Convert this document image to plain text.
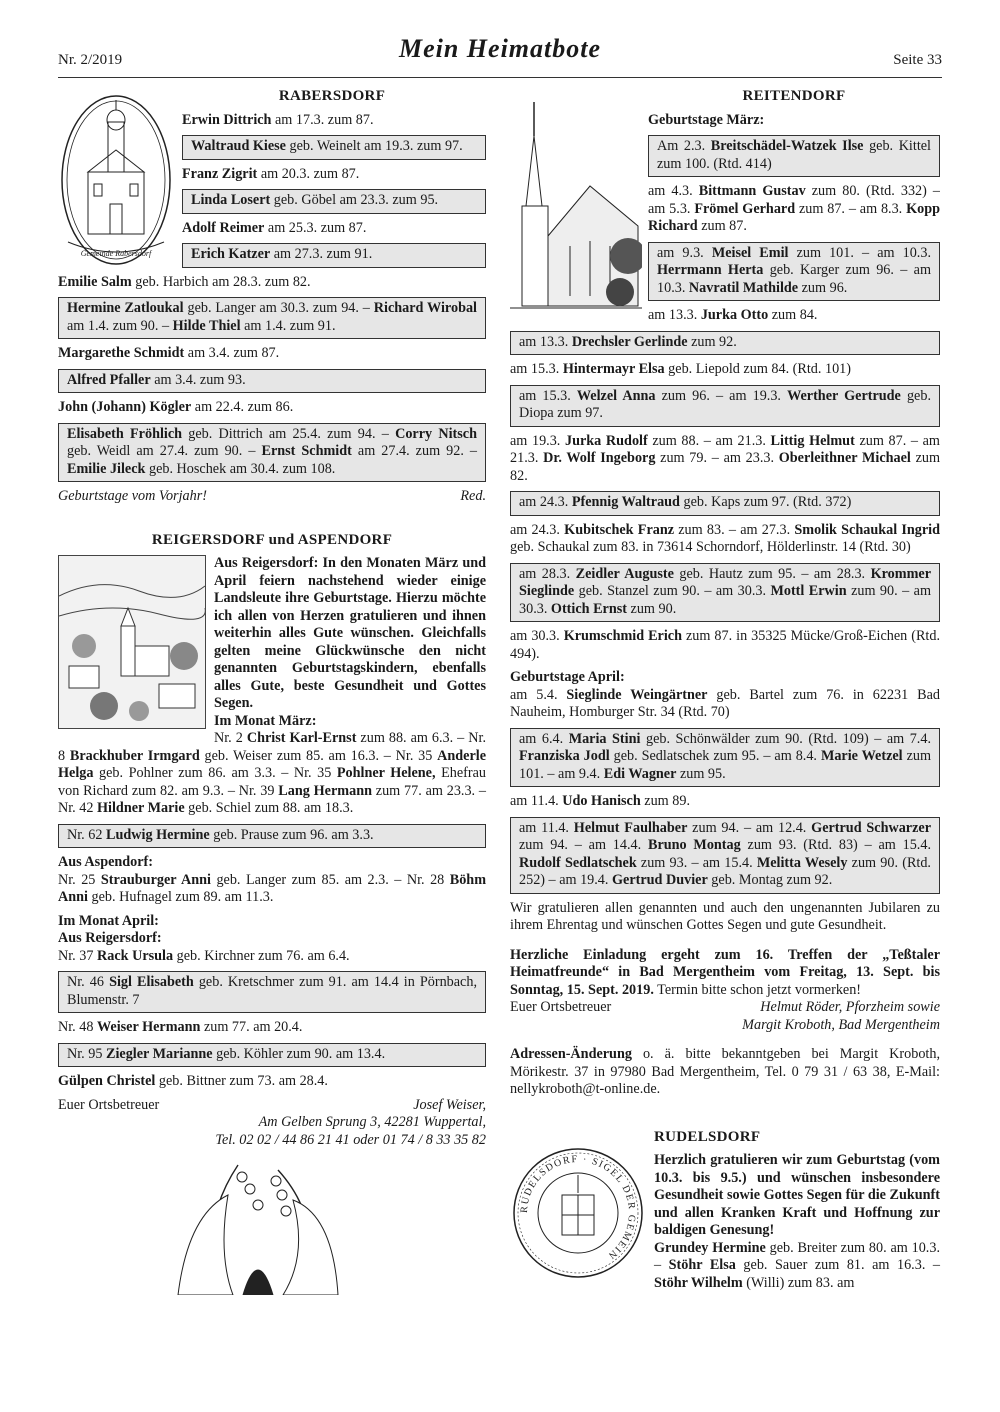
Nr. 2/2019	Mein Heimatbote	Seite 33
RABERSDORF
Gemeinde Rabersdorf

Erwin Dittrich am 17.3. zum 87.

Waltraud Kiese geb. Weinelt am 19.3. zum 97.

Franz Zigrit am 20.3. zum 87.

Linda Losert geb. Göbel am 23.3. zum 95.

Adolf Reimer am 25.3. zum 87.

Erich Katzer am 27.3. zum 91.

Emilie Salm geb. Harbich am 28.3. zum 82.

Hermine Zatloukal geb. Langer am 30.3. zum 94. – Richard Wirobal am 1.4. zum 90. – Hilde Thiel am 1.4. zum 91.

Margarethe Schmidt am 3.4. zum 87.

Alfred Pfaller am 3.4. zum 93.

John (Johann) Kögler am 22.4. zum 86.

Elisabeth Fröhlich geb. Dittrich am 25.4. zum 94. – Corry Nitsch geb. Weidl am 27.4. zum 90. – Ernst Schmidt am 27.4. zum 92. – Emilie Jileck geb. Hoschek am 30.4. zum 108.
Geburtstage vom Vorjahr!	Red.
REIGERSDORF und ASPENDORF

Aus Reigersdorf: In den Monaten März und April feiern nachstehend wieder einige Landsleute ihre Geburtstage. Hierzu möchte ich allen von Herzen gratulieren und ihnen weiterhin alles Gute wünschen. Gleichfalls gelten meine Glückwünsche den nicht genannten Geburtstagskindern, ebenfalls alles Gute, beste Gesundheit und Gottes Segen.

Im Monat März:

Nr. 2 Christ Karl-Ernst zum 88. am 6.3. – Nr. 8 Brackhuber Irmgard geb. Weiser zum 85. am 16.3. – Nr. 35 Anderle Helga geb. Pohlner zum 86. am 3.3. – Nr. 35 Pohlner Helene, Ehefrau von Richard zum 82. am 9.3. – Nr. 39 Lang Hermann zum 77. am 23.3. – Nr. 42 Hildner Marie geb. Schiel zum 88. am 18.3.

Nr. 62 Ludwig Hermine geb. Prause zum 96. am 3.3.

Aus Aspendorf:

Nr. 25 Strauburger Anni geb. Langer zum 85. am 2.3. – Nr. 28 Böhm Anni geb. Hufnagel zum 89. am 11.3.

Im Monat April:

Aus Reigersdorf:

Nr. 37 Rack Ursula geb. Kirchner zum 76. am 6.4.

Nr. 46 Sigl Elisabeth geb. Kretschmer zum 91. am 14.4 in Pörnbach, Blumenstr. 7

Nr. 48 Weiser Hermann zum 77. am 20.4.

Nr. 95 Ziegler Marianne geb. Köhler zum 90. am 13.4.

Gülpen Christel geb. Bittner zum 73. am 28.4.

Euer Ortsbetreuer	Josef Weiser,
Am Gelben Sprung 3, 42281 Wuppertal,
Tel. 02 02 / 44 86 21 41 oder 01 74 / 8 33 35 82
REITENDORF

Geburtstage März:

Am 2.3. Breitschädel-Watzek Ilse geb. Kittel zum 100. (Rtd. 414)

am 4.3. Bittmann Gustav zum 80. (Rtd. 332) – am 5.3. Frömel Gerhard zum 87. – am 8.3. Kopp Richard zum 87.

am 9.3. Meisel Emil zum 101. – am 10.3. Herrmann Herta geb. Karger zum 96. – am 10.3. Navratil Mathilde zum 96.

am 13.3. Jurka Otto zum 84.

am 13.3. Drechsler Gerlinde zum 92.

am 15.3. Hintermayr Elsa geb. Liepold zum 84. (Rtd. 101)

am 15.3. Welzel Anna zum 96. – am 19.3. Werther Gertrude geb. Diopa zum 97.

am 19.3. Jurka Rudolf zum 88. – am 21.3. Littig Helmut zum 87. – am 21.3. Dr. Wolf Ingeborg zum 79. – am 23.3. Oberleithner Michael zum 82.

am 24.3. Pfennig Waltraud geb. Kaps zum 97. (Rtd. 372)

am 24.3. Kubitschek Franz zum 83. – am 27.3. Smolik Schaukal Ingrid geb. Schaukal zum 83. in 73614 Schorndorf, Hölderlinstr. 14 (Rtd. 30)

am 28.3. Zeidler Auguste geb. Hautz zum 95. – am 28.3. Krommer Sieglinde geb. Stanzel zum 90. – am 30.3. Mottl Erwin zum 90. – am 30.3. Ottich Ernst zum 90.

am 30.3. Krumschmid Erich zum 87. in 35325 Mücke/Groß-Eichen (Rtd. 494).

Geburtstage April:

am 5.4. Sieglinde Weingärtner geb. Bartel zum 76. in 62231 Bad Nauheim, Homburger Str. 34 (Rtd. 70)

am 6.4. Maria Stini geb. Schönwälder zum 90. (Rtd. 109) – am 7.4. Franziska Jodl geb. Sedlatschek zum 95. – am 8.4. Marie Wetzel zum 101. – am 9.4. Edi Wagner zum 95.

am 11.4. Udo Hanisch zum 89.

am 11.4. Helmut Faulhaber zum 94. – am 12.4. Gertrud Schwarzer zum 94. – am 14.4. Bruno Montag zum 93. (Rtd. 83) – am 15.4. Rudolf Sedlatschek zum 93. – am 15.4. Melitta Wesely zum 90. (Rtd. 252) – am 19.4. Gertrud Duvier geb. Montag zum 92.

Wir gratulieren allen genannten und auch den ungenannten Jubilaren zu ihrem Ehrentag und wünschen Gottes Segen und gute Gesundheit.

Herzliche Einladung ergeht zum 16. Treffen der „Teßtaler Heimatfreunde“ in Bad Mergentheim vom Freitag, 13. Sept. bis Sonntag, 15. Sept. 2019. Termin bitte schon jetzt vormerken!

Euer Ortsbetreuer	Helmut Röder, Pforzheim sowie
Margit Kroboth, Bad Mergentheim

Adressen-Änderung o. ä. bitte bekanntgeben bei Margit Kroboth, Mörikestr. 37 in 97980 Bad Mergentheim, Tel. 0 79 31 / 63 38, E-Mail: nellykroboth@t-online.de.

RUDELSDORF · SIGEL DER GEMEIN
RUDELSDORF

Herzlich gratulieren wir zum Geburtstag (vom 10.3. bis 9.5.) und wünschen insbesondere Gesundheit sowie Gottes Segen für die Zukunft und allen Kranken Kraft und Hoffnung zur baldigen Genesung!

Grundey Hermine geb. Breiter zum 80. am 10.3. – Stöhr Elsa geb. Sauer zum 81. am 16.3. – Stöhr Wilhelm (Willi) zum 83. am
